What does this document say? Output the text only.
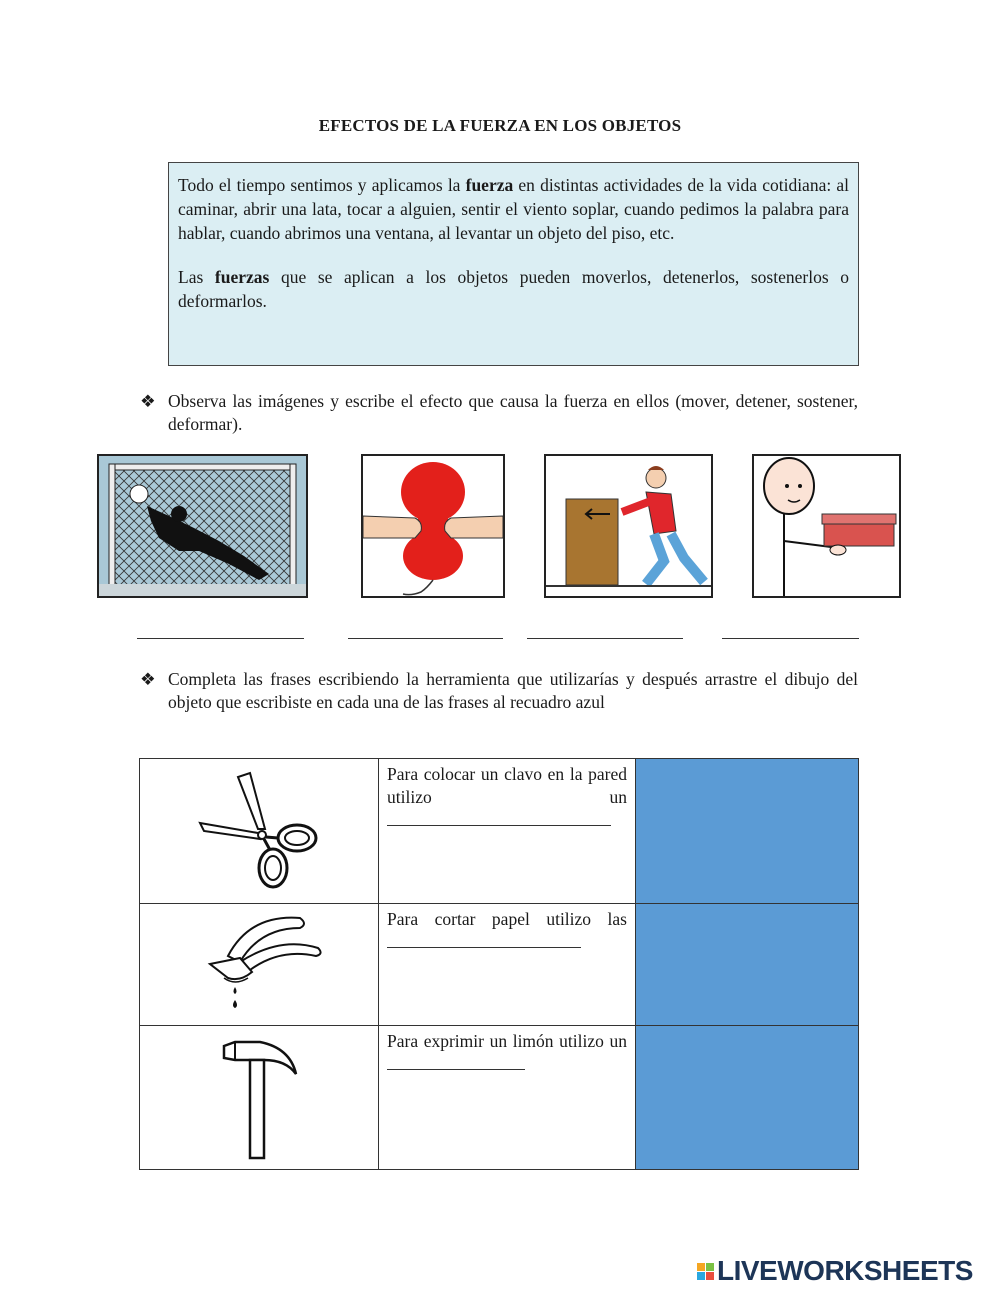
EFECTOS DE LA FUERZA EN LOS OBJETOS

Todo el tiempo sentimos y aplicamos la fuerza en distintas actividades de la vida cotidiana: al caminar, abrir una lata, tocar a alguien, sentir el viento soplar, cuando pedimos la palabra para hablar, cuando abrimos una ventana, al levantar un objeto del piso, etc.

Las fuerzas que se aplican a los objetos pueden moverlos, detenerlos, sostenerlos o deformarlos.

❖ Observa las imágenes y escribe el efecto que causa la fuerza en ellos (mover, detener, sostener, deformar).
❖ Completa las frases escribiendo la herramienta que utilizarías y después arrastre el dibujo del objeto que escribiste en cada una de las frases al recuadro azul
	Para colocar un clavo en la pared utilizo un	
	Para cortar papel utilizo las	
	Para exprimir un limón utilizo un	
LIVEWORKSHEETS
